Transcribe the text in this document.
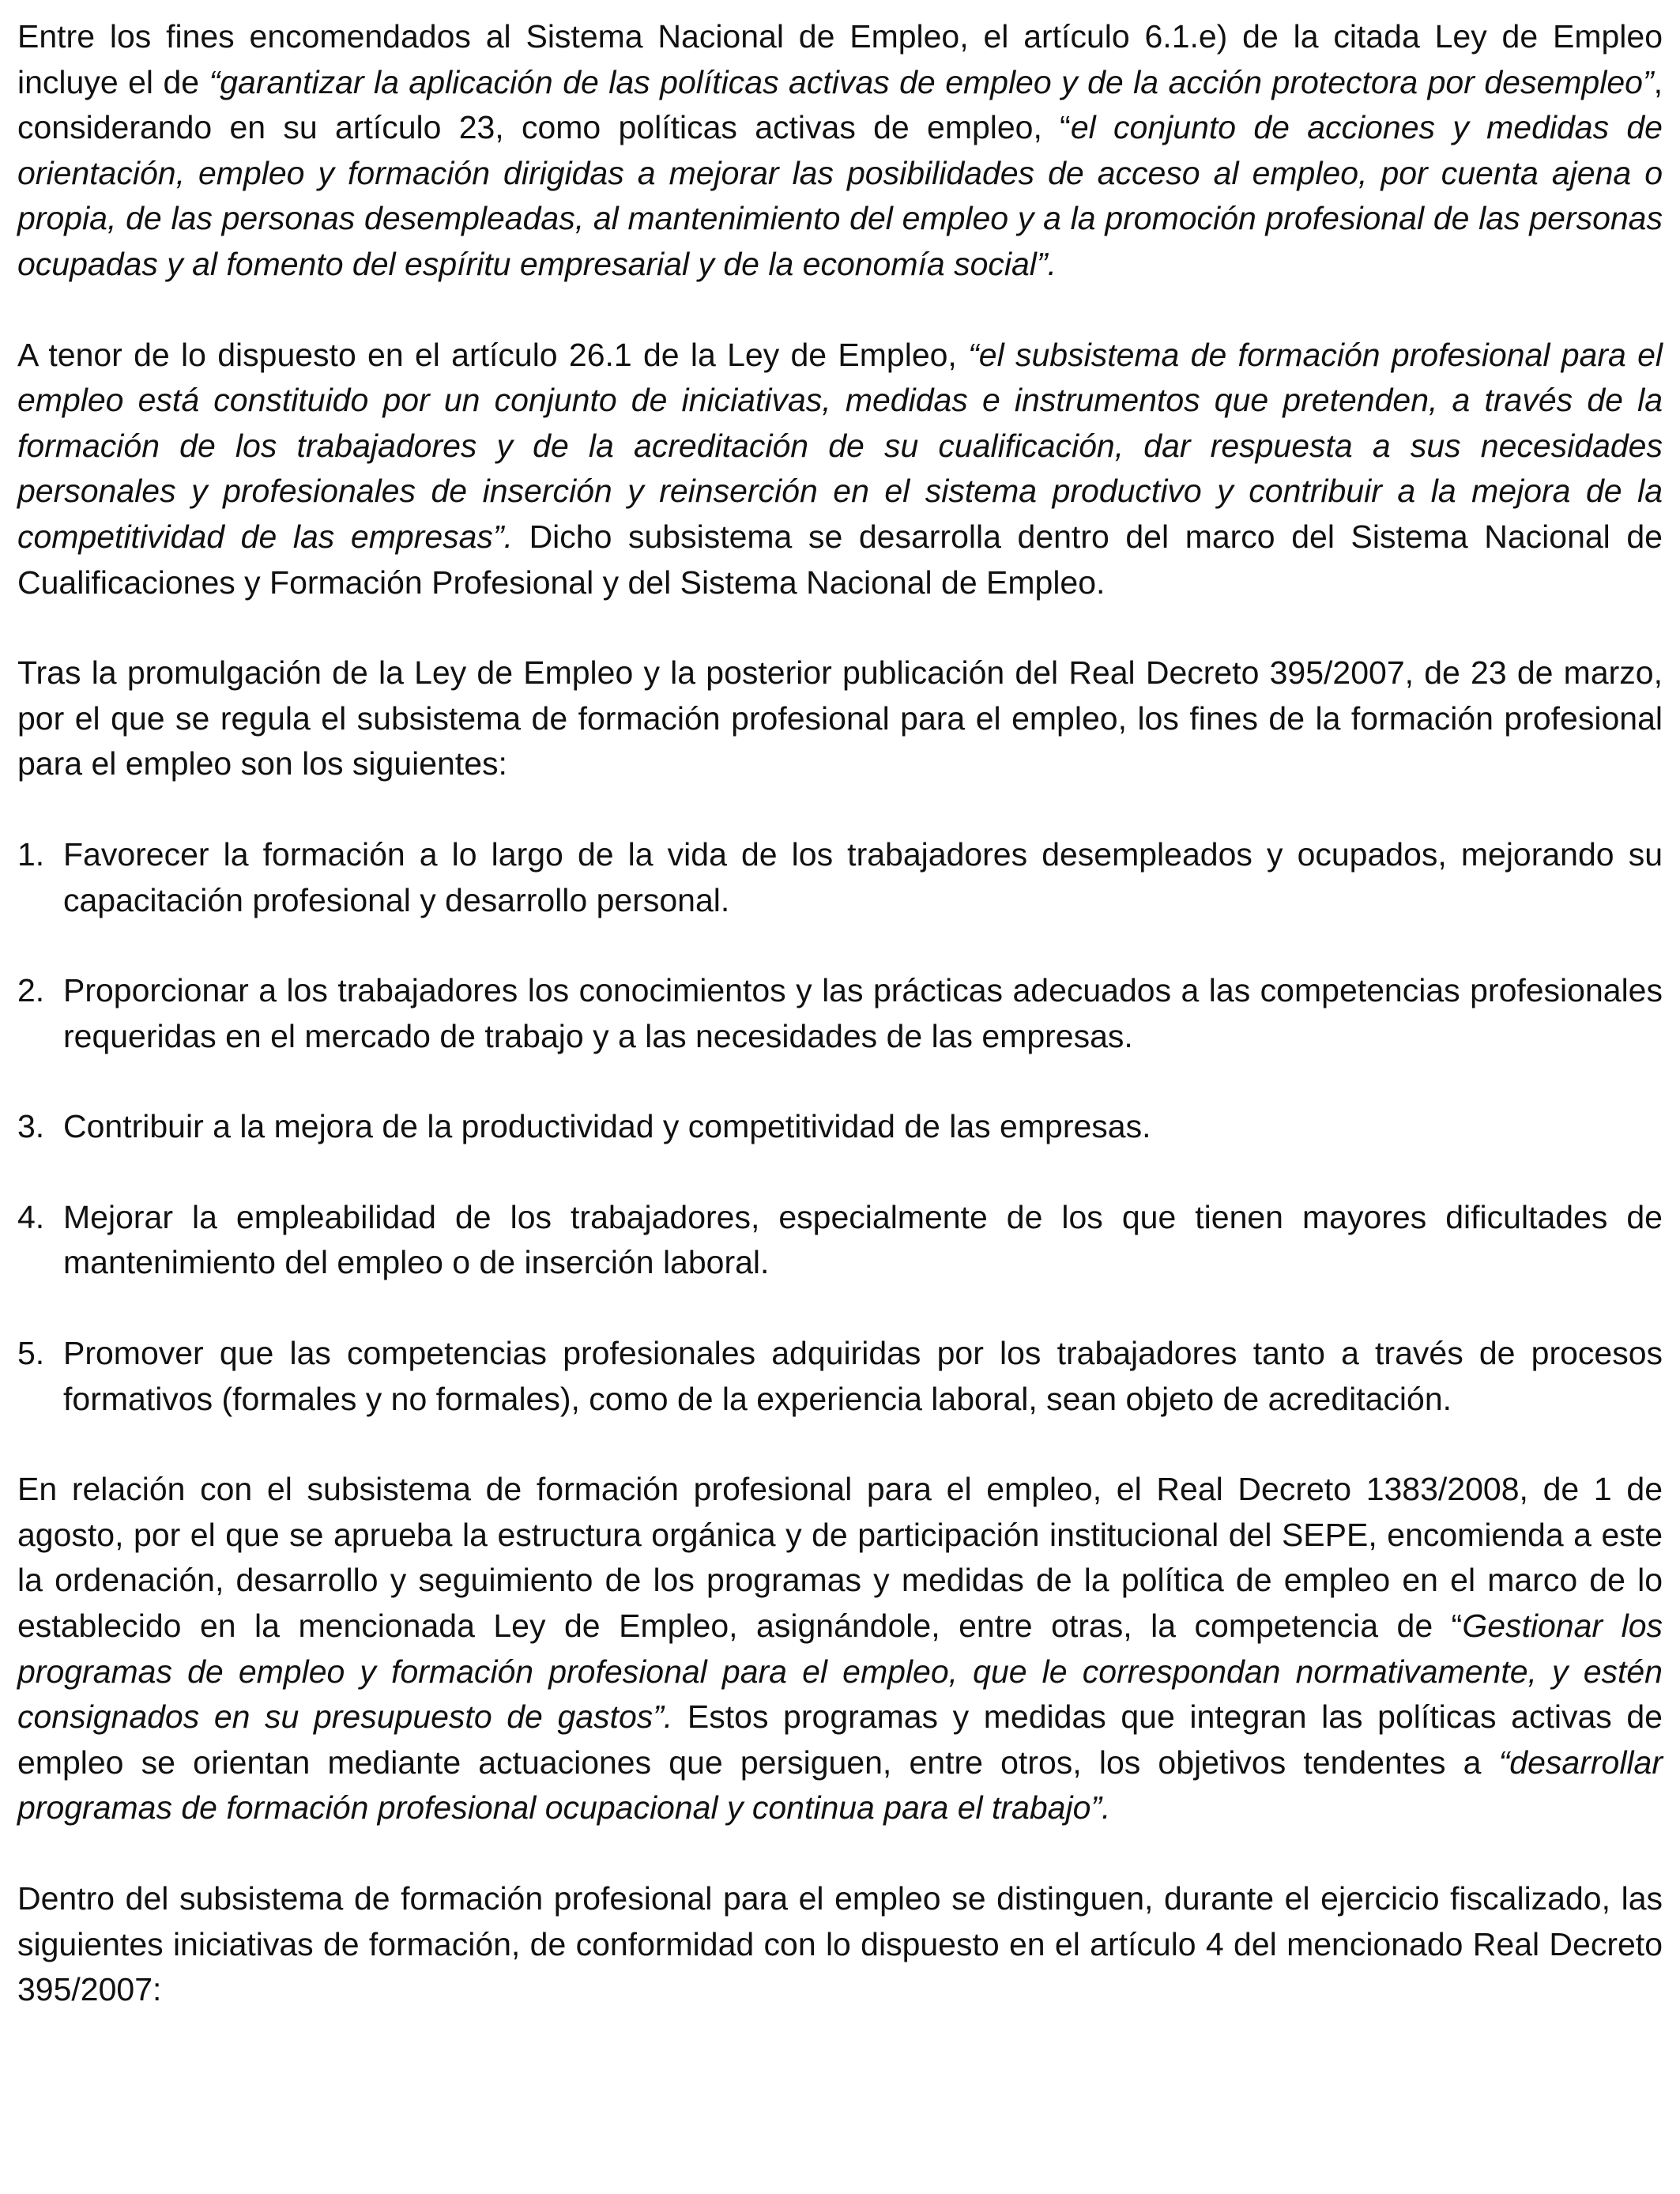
Entre los fines encomendados al Sistema Nacional de Empleo, el artículo 6.1.e) de la citada Ley de Empleo incluye el de “garantizar la aplicación de las políticas activas de empleo y de la acción protectora por desempleo”, considerando en su artículo 23, como políticas activas de empleo, “el conjunto de acciones y medidas de orientación, empleo y formación dirigidas a mejorar las posibilidades de acceso al empleo, por cuenta ajena o propia, de las personas desempleadas, al mantenimiento del empleo y a la promoción profesional de las personas ocupadas y al fomento del espíritu empresarial y de la economía social”.

A tenor de lo dispuesto en el artículo 26.1 de la Ley de Empleo, “el subsistema de formación profesional para el empleo está constituido por un conjunto de iniciativas, medidas e instrumentos que pretenden, a través de la formación de los trabajadores y de la acreditación de su cualificación, dar respuesta a sus necesidades personales y profesionales de inserción y reinserción en el sistema productivo y contribuir a la mejora de la competitividad de las empresas”. Dicho subsistema se desarrolla dentro del marco del Sistema Nacional de Cualificaciones y Formación Profesional y del Sistema Nacional de Empleo.

Tras la promulgación de la Ley de Empleo y la posterior publicación del Real Decreto 395/2007, de 23 de marzo, por el que se regula el subsistema de formación profesional para el empleo, los fines de la formación profesional para el empleo son los siguientes:

1. Favorecer la formación a lo largo de la vida de los trabajadores desempleados y ocupados, mejorando su capacitación profesional y desarrollo personal.
2. Proporcionar a los trabajadores los conocimientos y las prácticas adecuados a las competencias profesionales requeridas en el mercado de trabajo y a las necesidades de las empresas.
3. Contribuir a la mejora de la productividad y competitividad de las empresas.
4. Mejorar la empleabilidad de los trabajadores, especialmente de los que tienen mayores dificultades de mantenimiento del empleo o de inserción laboral.
5. Promover que las competencias profesionales adquiridas por los trabajadores tanto a través de procesos formativos (formales y no formales), como de la experiencia laboral, sean objeto de acreditación.

En relación con el subsistema de formación profesional para el empleo, el Real Decreto 1383/2008, de 1 de agosto, por el que se aprueba la estructura orgánica y de participación institucional del SEPE, encomienda a este la ordenación, desarrollo y seguimiento de los programas y medidas de la política de empleo en el marco de lo establecido en la mencionada Ley de Empleo, asignándole, entre otras, la competencia de “Gestionar los programas de empleo y formación profesional para el empleo, que le correspondan normativamente, y estén consignados en su presupuesto de gastos”. Estos programas y medidas que integran las políticas activas de empleo se orientan mediante actuaciones que persiguen, entre otros, los objetivos tendentes a “desarrollar programas de formación profesional ocupacional y continua para el trabajo”.

Dentro del subsistema de formación profesional para el empleo se distinguen, durante el ejercicio fiscalizado, las siguientes iniciativas de formación, de conformidad con lo dispuesto en el artículo 4 del mencionado Real Decreto 395/2007:
